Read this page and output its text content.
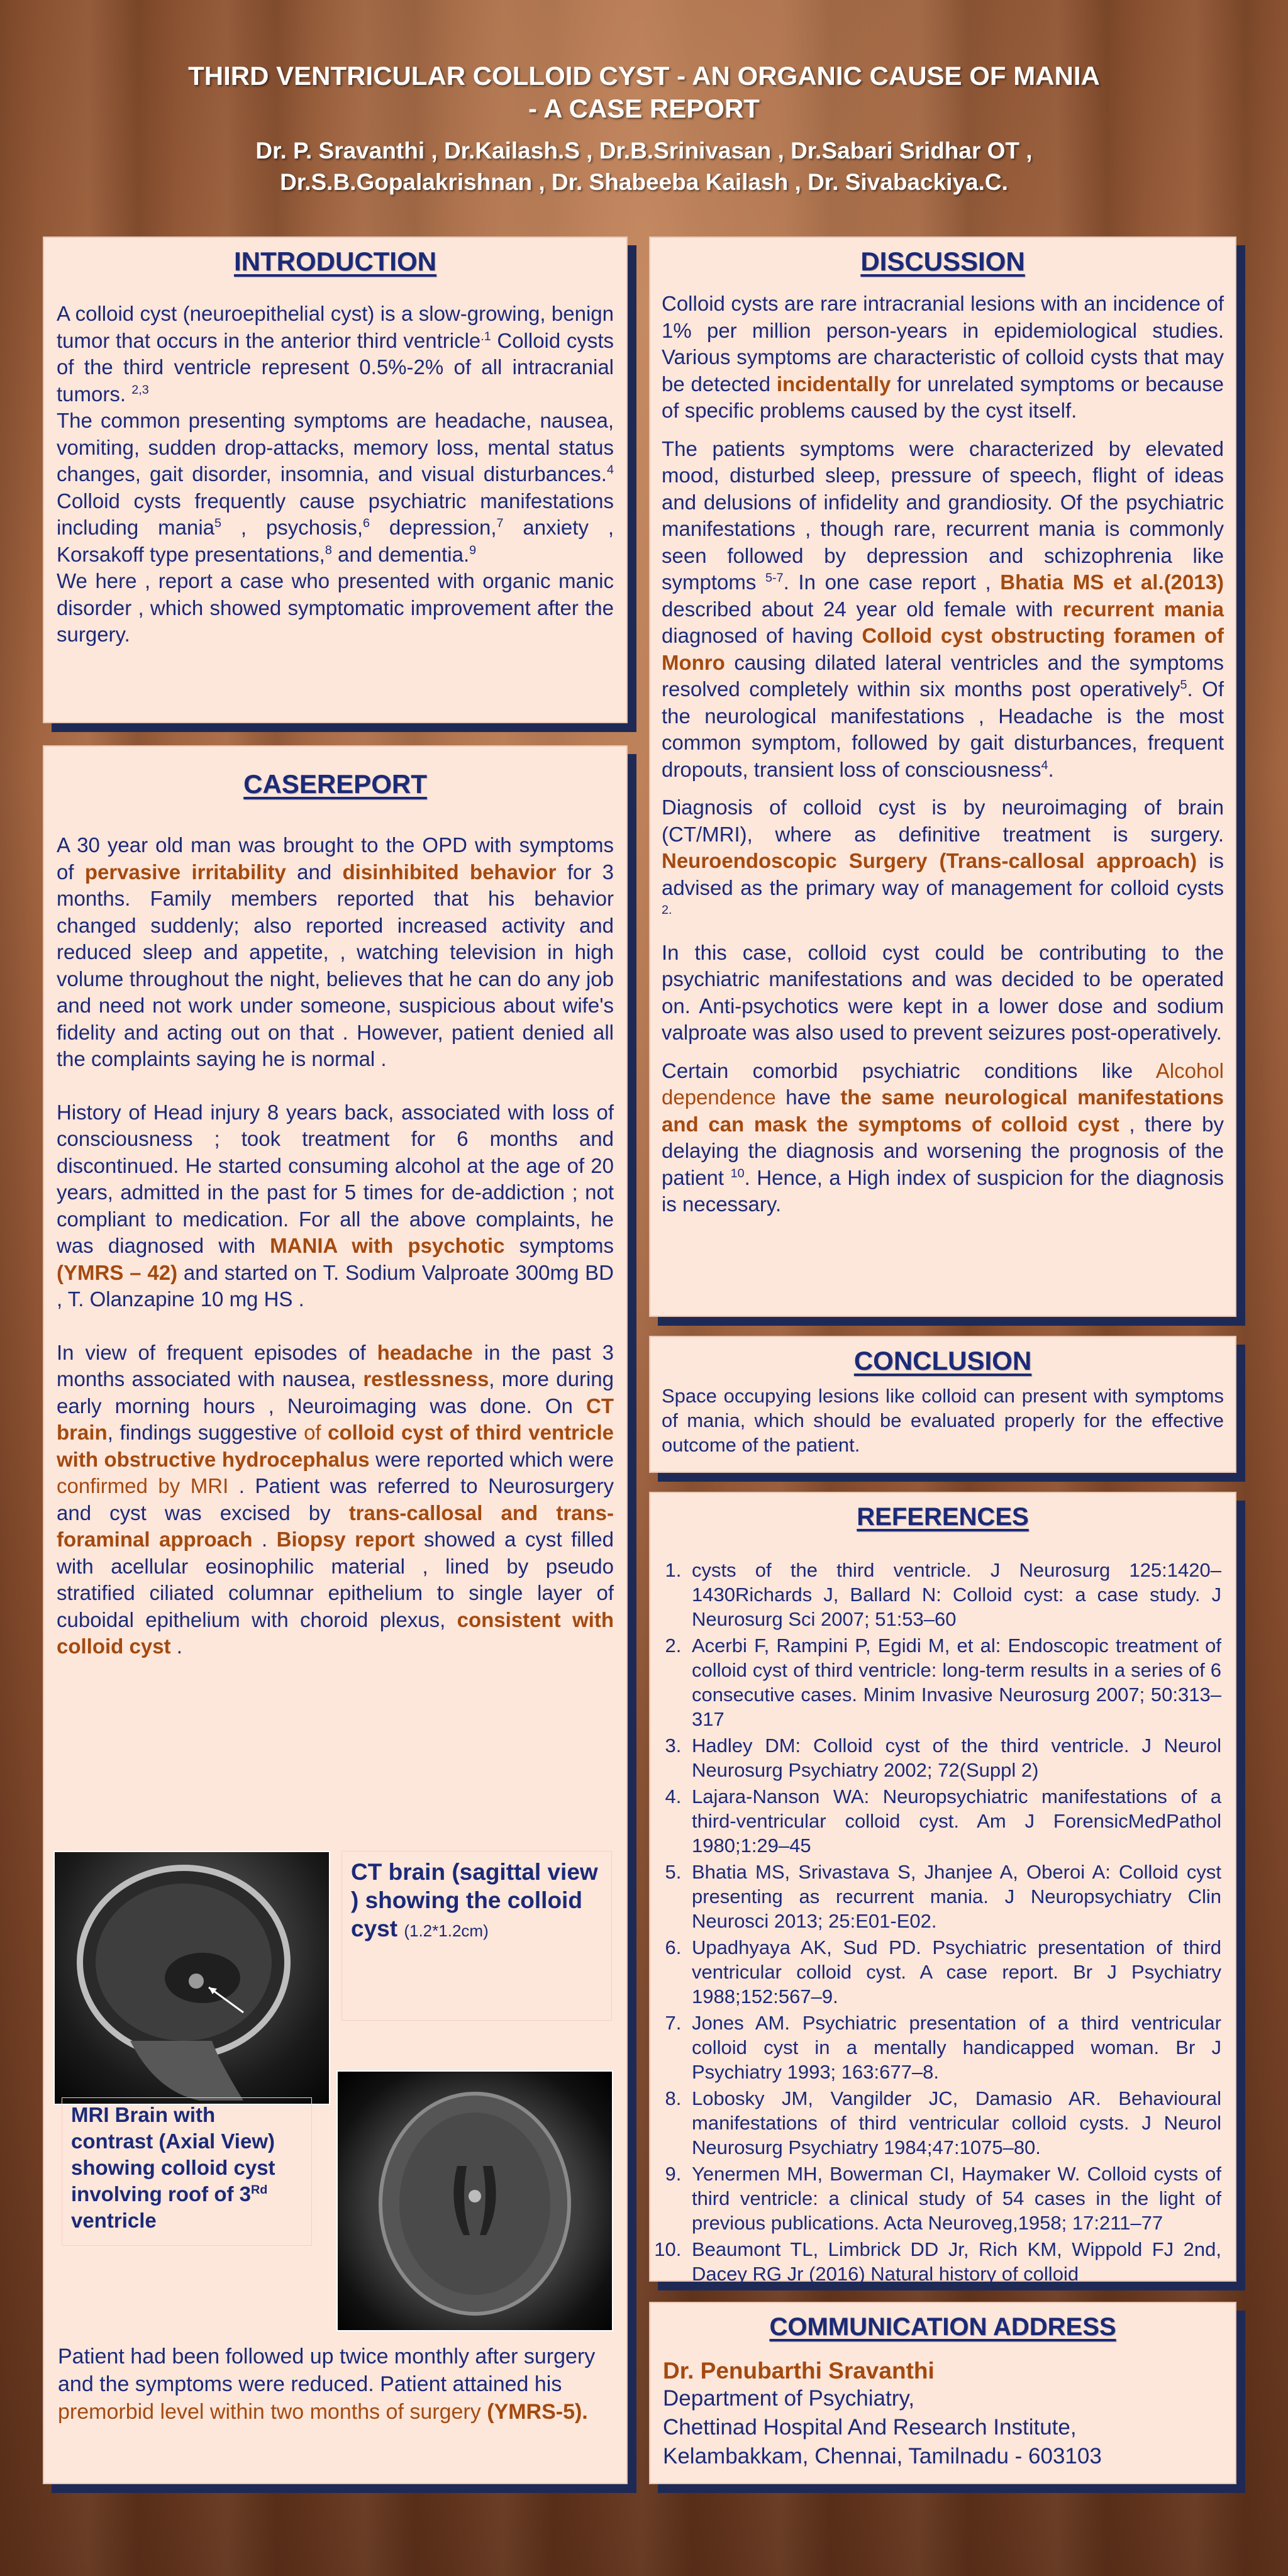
THIRD VENTRICULAR COLLOID CYST - AN ORGANIC CAUSE OF MANIA
- A CASE REPORT
Dr. P. Sravanthi , Dr.Kailash.S , Dr.B.Srinivasan , Dr.Sabari Sridhar OT ,
Dr.S.B.Gopalakrishnan , Dr. Shabeeba Kailash , Dr. Sivabackiya.C.
INTRODUCTION

A colloid cyst (neuroepithelial cyst) is a slow-growing, benign tumor that occurs in the anterior third ventricle$^{.1}$ Colloid cysts of the third ventricle represent 0.5%-2% of all intracranial tumors. $^{2,3}$

The common presenting symptoms are headache, nausea, vomiting, sudden drop-attacks, memory loss, mental status changes, gait disorder, insomnia, and visual disturbances.$^4$ Colloid cysts frequently cause psychiatric manifestations including mania$^5$ , psychosis,$^6$ depression,$^7$ anxiety , Korsakoff type presentations,$^8$ and dementia.$^9$

We here , report a case who presented with organic manic disorder , which showed symptomatic improvement after the surgery.

CASEREPORT

A 30 year old man was brought to the OPD with symptoms of pervasive irritability and disinhibited behavior for 3 months. Family members reported that his behavior changed suddenly; also reported increased activity and reduced sleep and appetite, , watching television in high volume throughout the night, believes that he can do any job and need not work under someone, suspicious about wife's fidelity and acting out on that . However, patient denied all the complaints saying he is normal .

History of Head injury 8 years back, associated with loss of consciousness ; took treatment for 6 months and discontinued. He started consuming alcohol at the age of 20 years, admitted in the past for 5 times for de-addiction ; not compliant to medication. For all the above complaints, he was diagnosed with MANIA with psychotic symptoms (YMRS – 42) and started on T. Sodium Valproate 300mg BD , T. Olanzapine 10 mg HS .

In view of frequent episodes of headache in the past 3 months associated with nausea, restlessness, more during early morning hours , Neuroimaging was done. On CT brain, findings suggestive of colloid cyst of third ventricle with obstructive hydrocephalus were reported which were confirmed by MRI . Patient was referred to Neurosurgery and cyst was excised by trans-callosal and trans-foraminal approach . Biopsy report showed a cyst filled with acellular eosinophilic material , lined by pseudo stratified ciliated columnar epithelium to single layer of cuboidal epithelium with choroid plexus, consistent with colloid cyst .

CT brain (sagittal view ) showing the colloid cyst (1.2*1.2cm)
MRI Brain with contrast (Axial View) showing colloid cyst involving roof of 3Rd ventricle
Patient had been followed up twice monthly after surgery and the symptoms were reduced. Patient attained his premorbid level within two months of surgery (YMRS-5).
DISCUSSION

Colloid cysts are rare intracranial lesions with an incidence of 1% per million person-years in epidemiological studies. Various symptoms are characteristic of colloid cysts that may be detected incidentally for unrelated symptoms or because of specific problems caused by the cyst itself.

The patients symptoms were characterized by elevated mood, disturbed sleep, pressure of speech, flight of ideas and delusions of infidelity and grandiosity. Of the psychiatric manifestations , though rare, recurrent mania is commonly seen followed by depression and schizophrenia like symptoms $^{5-7}$. In one case report , Bhatia MS et al.(2013) described about 24 year old female with recurrent mania diagnosed of having Colloid cyst obstructing foramen of Monro causing dilated lateral ventricles and the symptoms resolved completely within six months post operatively$^5$. Of the neurological manifestations , Headache is the most common symptom, followed by gait disturbances, frequent dropouts, transient loss of consciousness$^4$.

Diagnosis of colloid cyst is by neuroimaging of brain (CT/MRI), where as definitive treatment is surgery. Neuroendoscopic Surgery (Trans-callosal approach) is advised as the primary way of management for colloid cysts $^{2.}$

In this case, colloid cyst could be contributing to the psychiatric manifestations and was decided to be operated on. Anti-psychotics were kept in a lower dose and sodium valproate was also used to prevent seizures post-operatively.

Certain comorbid psychiatric conditions like Alcohol dependence have the same neurological manifestations and can mask the symptoms of colloid cyst , there by delaying the diagnosis and worsening the prognosis of the patient $^{10}$. Hence, a High index of suspicion for the diagnosis is necessary.

CONCLUSION
Space occupying lesions like colloid can present with symptoms of mania, which should be evaluated properly for the effective outcome of the patient.
REFERENCES
1. cysts of the third ventricle. J Neurosurg 125:1420–1430Richards J, Ballard N: Colloid cyst: a case study. J Neurosurg Sci 2007; 51:53–60
2. Acerbi F, Rampini P, Egidi M, et al: Endoscopic treatment of colloid cyst of third ventricle: long-term results in a series of 6 consecutive cases. Minim Invasive Neurosurg 2007; 50:313–317
3. Hadley DM: Colloid cyst of the third ventricle. J Neurol Neurosurg Psychiatry 2002; 72(Suppl 2)
4. Lajara-Nanson WA: Neuropsychiatric manifestations of a third-ventricular colloid cyst. Am J ForensicMedPathol 1980;1:29–45
5. Bhatia MS, Srivastava S, Jhanjee A, Oberoi A: Colloid cyst presenting as recurrent mania. J Neuropsychiatry Clin Neurosci 2013; 25:E01-E02.
6. Upadhyaya AK, Sud PD. Psychiatric presentation of third ventricular colloid cyst. A case report. Br J Psychiatry 1988;152:567–9.
7. Jones AM. Psychiatric presentation of a third ventricular colloid cyst in a mentally handicapped woman. Br J Psychiatry 1993; 163:677–8.
8. Lobosky JM, Vangilder JC, Damasio AR. Behavioural manifestations of third ventricular colloid cysts. J Neurol Neurosurg Psychiatry 1984;47:1075–80.
9. Yenermen MH, Bowerman CI, Haymaker W. Colloid cysts of third ventricle: a clinical study of 54 cases in the light of previous publications. Acta Neuroveg,1958; 17:211–77
10. Beaumont TL, Limbrick DD Jr, Rich KM, Wippold FJ 2nd, Dacey RG Jr (2016) Natural history of colloid
COMMUNICATION ADDRESS
Dr. Penubarthi Sravanthi
Department of Psychiatry,
Chettinad Hospital And Research Institute,
Kelambakkam, Chennai, Tamilnadu - 603103
